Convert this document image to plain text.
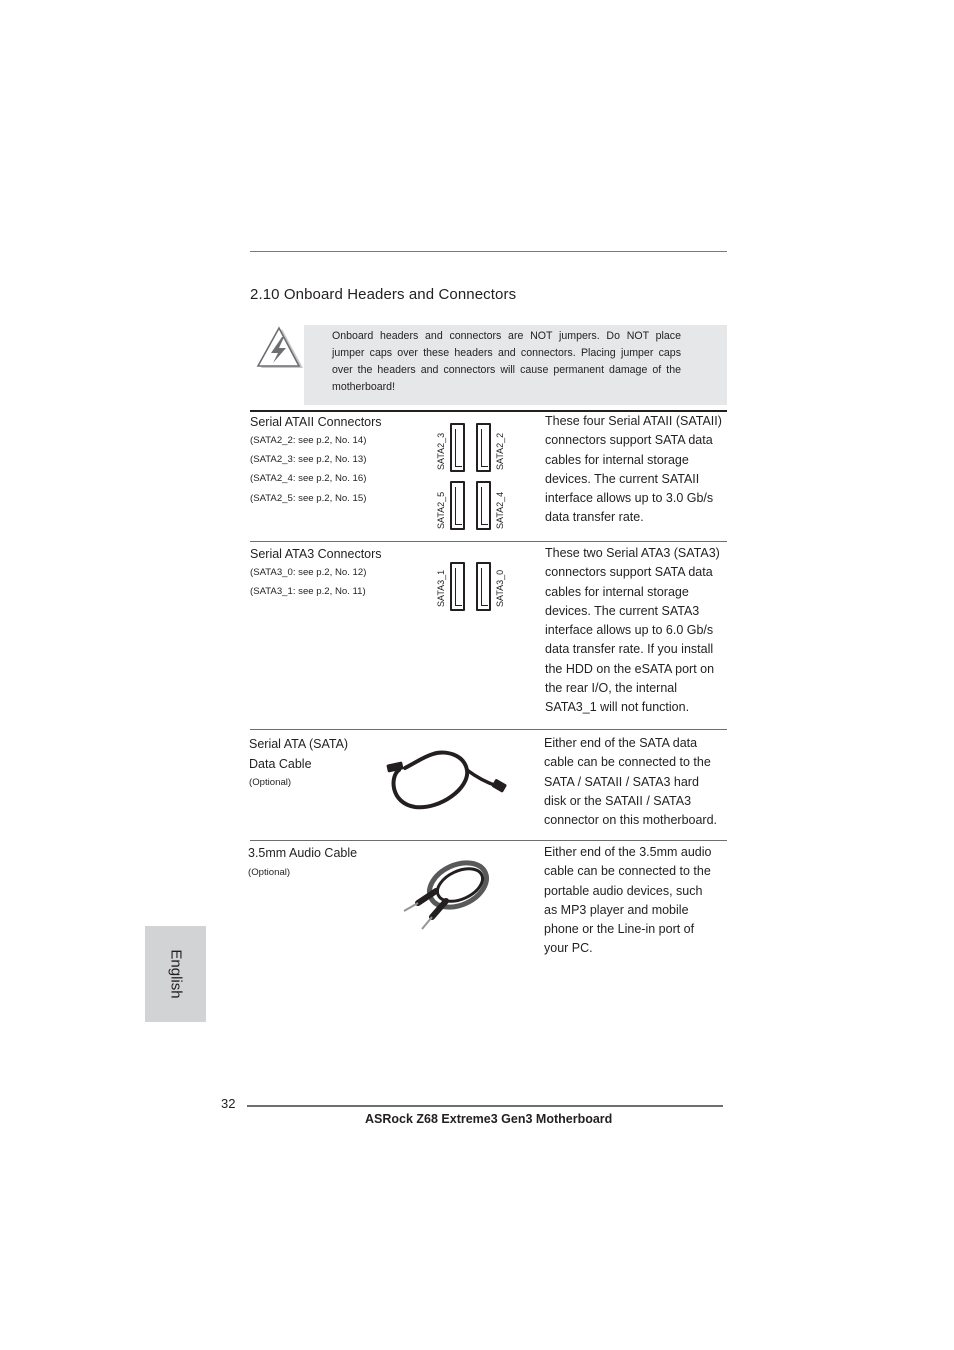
2.10 Onboard Headers and Connectors
Onboard headers and connectors are NOT jumpers. Do NOT place jumper caps over these headers and connectors. Placing jumper caps over the headers and connectors will cause permanent damage of the motherboard!
Serial ATAII Connectors
(SATA2_2: see p.2, No. 14)
(SATA2_3: see p.2, No. 13)
(SATA2_4: see p.2, No. 16)
(SATA2_5: see p.2, No. 15)
SATA2_3	SATA2_2
SATA2_5	SATA2_4
These four Serial ATAII (SATAII)
connectors support SATA data
cables for internal storage
devices. The current SATAII
interface allows up to 3.0 Gb/s
data transfer rate.
Serial ATA3 Connectors
(SATA3_0: see p.2, No. 12)
(SATA3_1: see p.2, No. 11)	SATA3_1	SATA3_0
These two Serial ATA3 (SATA3)
connectors support SATA data
cables for internal storage
devices. The current SATA3
interface allows up to 6.0 Gb/s
data transfer rate. If you install
the HDD on the eSATA port on
the rear I/O, the internal
SATA3_1 will not function.
Serial ATA (SATA)
Data Cable
(Optional)
Either end of the SATA data
cable can be connected to the
SATA / SATAII / SATA3 hard
disk or the SATAII / SATA3
connector on this motherboard.
3.5mm Audio Cable
(Optional)
Either end of the 3.5mm audio
cable can be connected to the
portable audio devices, such
as MP3 player and mobile
phone or the Line-in port of
your PC.
English
32
ASRock Z68 Extreme3 Gen3 Motherboard
